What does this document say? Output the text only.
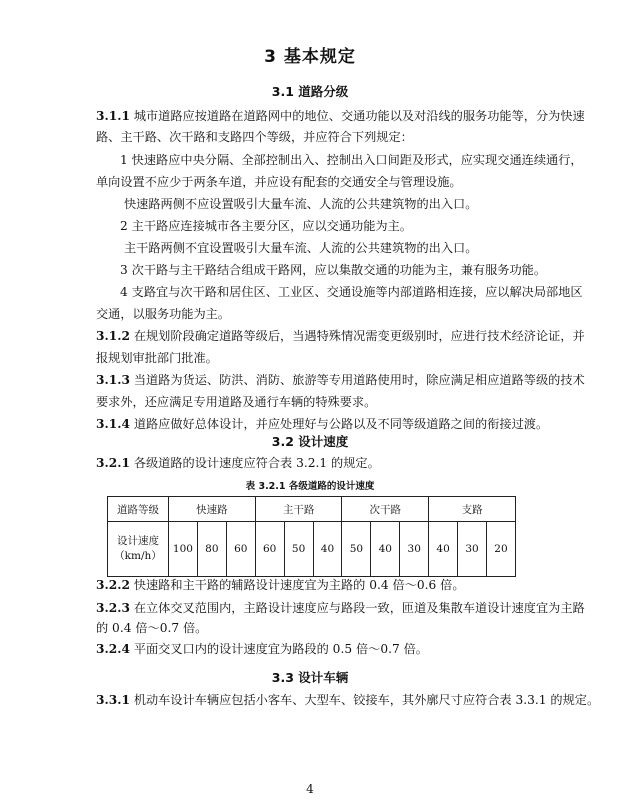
3 基本规定
3.1 道路分级
3.1.1 城市道路应按道路在道路网中的地位、交通功能以及对沿线的服务功能等，分为快速
路、主干路、次干路和支路四个等级，并应符合下列规定：
1 快速路应中央分隔、全部控制出入、控制出入口间距及形式，应实现交通连续通行，
单向设置不应少于两条车道，并应设有配套的交通安全与管理设施。
快速路两侧不应设置吸引大量车流、人流的公共建筑物的出入口。
2 主干路应连接城市各主要分区，应以交通功能为主。
主干路两侧不宜设置吸引大量车流、人流的公共建筑物的出入口。
3 次干路与主干路结合组成干路网，应以集散交通的功能为主，兼有服务功能。
4 支路宜与次干路和居住区、工业区、交通设施等内部道路相连接，应以解决局部地区
交通，以服务功能为主。
3.1.2 在规划阶段确定道路等级后，当遇特殊情况需变更级别时，应进行技术经济论证，并
报规划审批部门批准。
3.1.3 当道路为货运、防洪、消防、旅游等专用道路使用时，除应满足相应道路等级的技术
要求外，还应满足专用道路及通行车辆的特殊要求。
3.1.4 道路应做好总体设计，并应处理好与公路以及不同等级道路之间的衔接过渡。
3.2 设计速度
3.2.1 各级道路的设计速度应符合表 3.2.1 的规定。
表 3.2.1 各级道路的设计速度
道路等级	快速路			主干路			次干路			支路		
设计速度
（km/h）	100	80	60	60	50	40	50	40	30	40	30	20
3.2.2 快速路和主干路的辅路设计速度宜为主路的 0.4 倍～0.6 倍。
3.2.3 在立体交叉范围内，主路设计速度应与路段一致，匝道及集散车道设计速度宜为主路
的 0.4 倍～0.7 倍。
3.2.4 平面交叉口内的设计速度宜为路段的 0.5 倍～0.7 倍。
3.3 设计车辆
3.3.1 机动车设计车辆应包括小客车、大型车、铰接车，其外廓尺寸应符合表 3.3.1 的规定。
4
